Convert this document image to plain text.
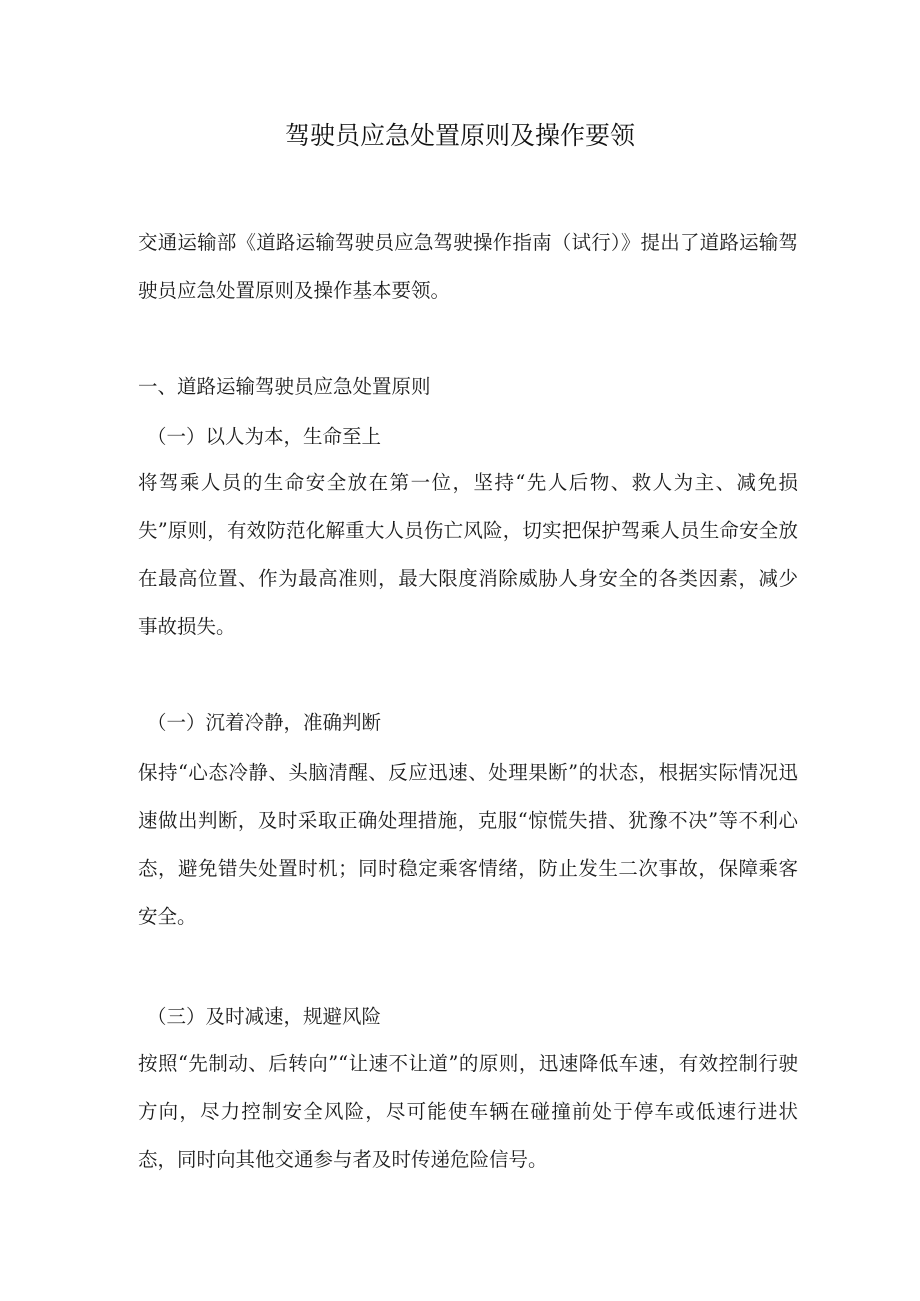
驾驶员应急处置原则及操作要领

交通运输部《道路运输驾驶员应急驾驶操作指南（试行）》提出了道路运输驾驶员应急处置原则及操作基本要领。

一、道路运输驾驶员应急处置原则

（一）以人为本，生命至上

将驾乘人员的生命安全放在第一位，坚持“先人后物、救人为主、减免损失”原则，有效防范化解重大人员伤亡风险，切实把保护驾乘人员生命安全放在最高位置、作为最高准则，最大限度消除威胁人身安全的各类因素，减少事故损失。

（一）沉着冷静，准确判断

保持“心态冷静、头脑清醒、反应迅速、处理果断”的状态，根据实际情况迅速做出判断，及时采取正确处理措施，克服“惊慌失措、犹豫不决”等不利心态，避免错失处置时机；同时稳定乘客情绪，防止发生二次事故，保障乘客安全。

（三）及时减速，规避风险

按照“先制动、后转向”“让速不让道”的原则，迅速降低车速，有效控制行驶方向，尽力控制安全风险，尽可能使车辆在碰撞前处于停车或低速行进状态，同时向其他交通参与者及时传递危险信号。
